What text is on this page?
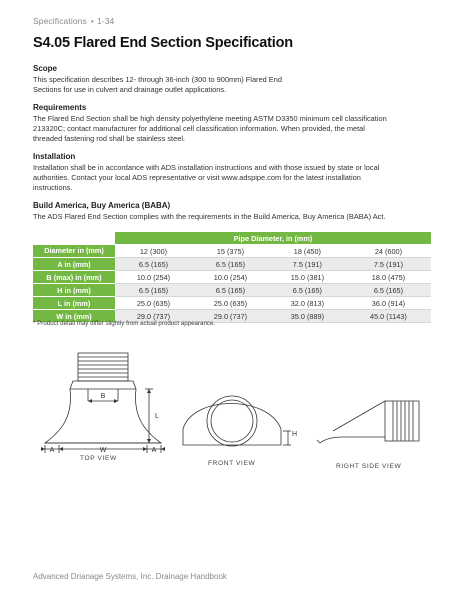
Specifications • 1-34
S4.05 Flared End Section Specification
Scope
This specification describes 12- through 36-inch (300 to 900mm) Flared End
Sections for use in culvert and drainage outlet applications.
Requirements
The Flared End Section shall be high density polyethylene meeting ASTM D3350 minimum cell classification
213320C; contact manufacturer for additional cell classification information. When provided, the metal
threaded fastening rod shall be stainless steel.
Installation
Installation shall be in accordance with ADS installation instructions and with those issued by state or local
authorities. Contact your local ADS representative or visit www.adspipe.com for the latest installation
instructions.
Build America, Buy America (BABA)
The ADS Flared End Section complies with the requirements in the Build America, Buy America (BABA) Act.
	Pipe Diameter, in (mm)			
Diameter in (mm)	12 (300)	15 (375)	18 (450)	24 (600)
A in (mm)	6.5 (165)	6.5 (165)	7.5 (191)	7.5 (191)
B (max) in (mm)	10.0 (254)	10.0 (254)	15.0 (381)	18.0 (475)
H in (mm)	6.5 (165)	6.5 (165)	6.5 (165)	6.5 (165)
L in (mm)	25.0 (635)	25.0 (635)	32.0 (813)	36.0 (914)
W in (mm)	29.0 (737)	29.0 (737)	35.0 (889)	45.0 (1143)
* Product detail may differ slightly from actual product appearance.
B
L
A	W	A
H
TOP VIEW
FRONT VIEW	RIGHT SIDE VIEW
Advanced Drianage Systems, Inc. Drainage Handbook
